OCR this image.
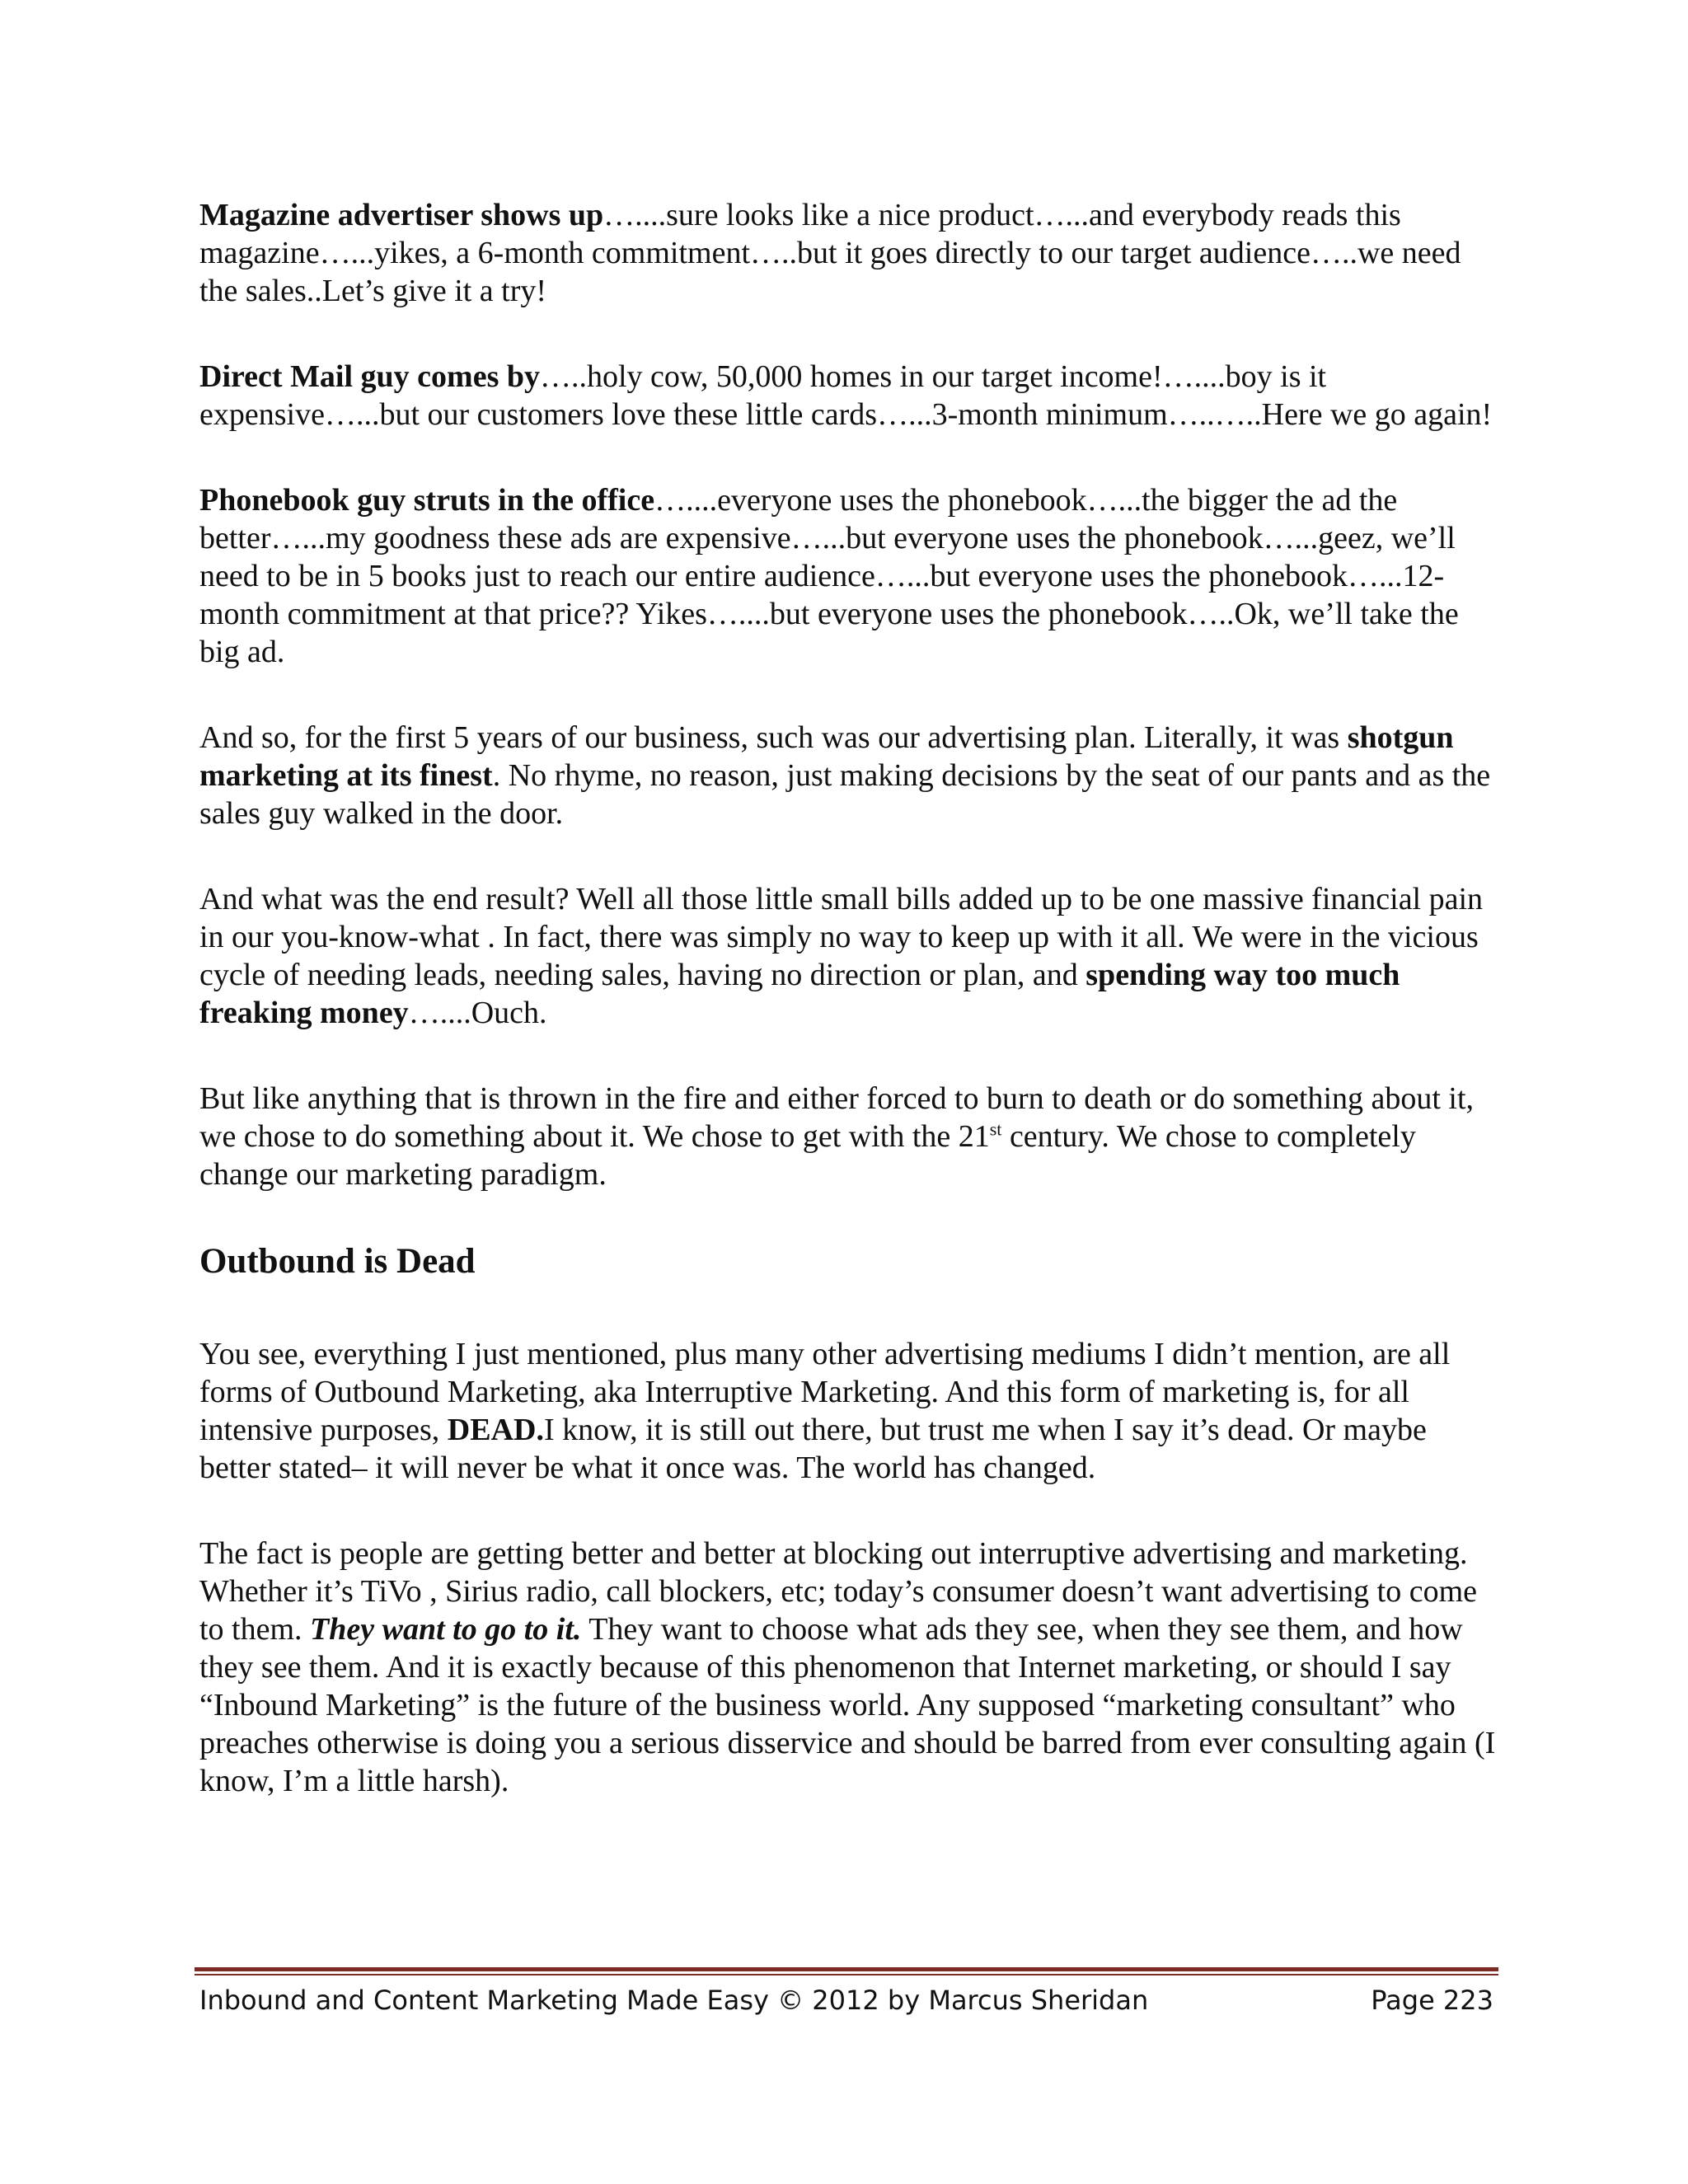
Magazine advertiser shows up…....sure looks like a nice product…...and everybody reads this magazine…...yikes, a 6-month commitment…..but it goes directly to our target audience…..we need the sales..Let’s give it a try!

Direct Mail guy comes by…..holy cow, 50,000 homes in our target income!…....boy is it expensive…...but our customers love these little cards…...3-month minimum…..…..Here we go again!

Phonebook guy struts in the office…....everyone uses the phonebook…...the bigger the ad the better…...my goodness these ads are expensive…...but everyone uses the phonebook…...geez, we’ll need to be in 5 books just to reach our entire audience…...but everyone uses the phonebook…...12-month commitment at that price?? Yikes…....but everyone uses the phonebook…..Ok, we’ll take the big ad.

And so, for the first 5 years of our business, such was our advertising plan. Literally, it was shotgun marketing at its finest. No rhyme, no reason, just making decisions by the seat of our pants and as the sales guy walked in the door.

And what was the end result? Well all those little small bills added up to be one massive financial pain in our you-know-what . In fact, there was simply no way to keep up with it all. We were in the vicious cycle of needing leads, needing sales, having no direction or plan, and spending way too much freaking money…....Ouch.

But like anything that is thrown in the fire and either forced to burn to death or do something about it, we chose to do something about it. We chose to get with the 21st century. We chose to completely change our marketing paradigm.

Outbound is Dead

You see, everything I just mentioned, plus many other advertising mediums I didn’t mention, are all forms of Outbound Marketing, aka Interruptive Marketing. And this form of marketing is, for all intensive purposes, DEAD.I know, it is still out there, but trust me when I say it’s dead. Or maybe better stated– it will never be what it once was. The world has changed.

The fact is people are getting better and better at blocking out interruptive advertising and marketing. Whether it’s TiVo , Sirius radio, call blockers, etc; today’s consumer doesn’t want advertising to come to them. They want to go to it. They want to choose what ads they see, when they see them, and how they see them. And it is exactly because of this phenomenon that Internet marketing, or should I say “Inbound Marketing” is the future of the business world. Any supposed “marketing consultant” who preaches otherwise is doing you a serious disservice and should be barred from ever consulting again (I know, I’m a little harsh).

Inbound and Content Marketing Made Easy © 2012 by Marcus Sheridan	Page 223
